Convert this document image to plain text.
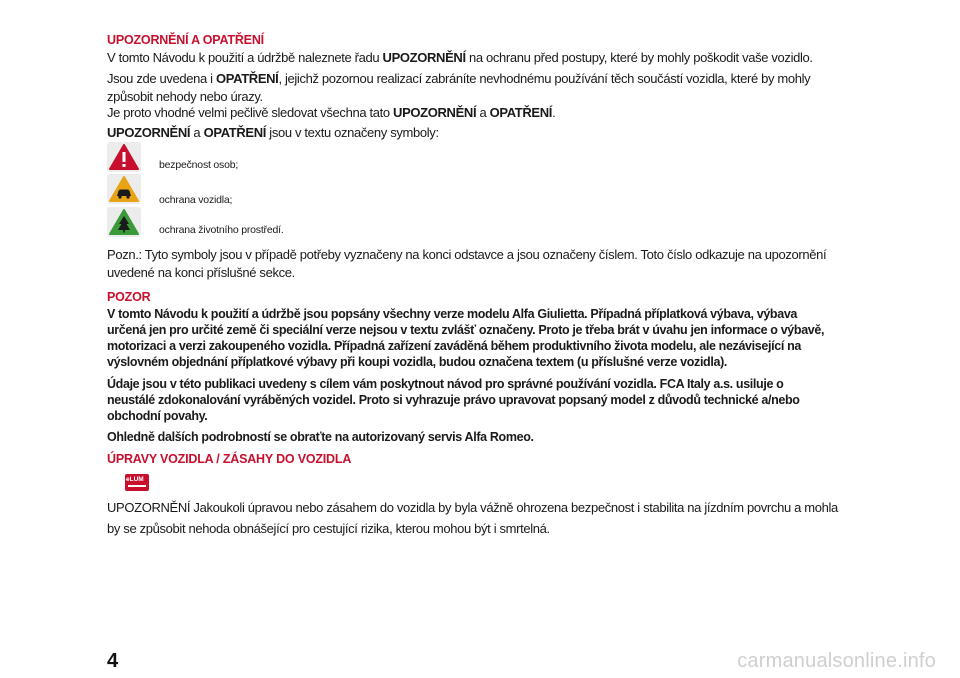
UPOZORNĚNÍ A OPATŘENÍ

V tomto Návodu k použití a údržbě naleznete řadu UPOZORNĚNÍ na ochranu před postupy, které by mohly poškodit vaše vozidlo.

Jsou zde uvedena i OPATŘENÍ, jejichž pozornou realizací zabráníte nevhodnému používání těch součástí vozidla, které by mohly
způsobit nehody nebo úrazy.

Je proto vhodné velmi pečlivě sledovat všechna tato UPOZORNĚNÍ a OPATŘENÍ.

UPOZORNĚNÍ a OPATŘENÍ jsou v textu označeny symboly:

bezpečnost osob;
ochrana vozidla;
ochrana životního prostředí.

Pozn.: Tyto symboly jsou v případě potřeby vyznačeny na konci odstavce a jsou označeny číslem. Toto číslo odkazuje na upozornění
uvedené na konci příslušné sekce.

POZOR

V tomto Návodu k použití a údržbě jsou popsány všechny verze modelu Alfa Giulietta. Případná příplatková výbava, výbava
určená jen pro určité země či speciální verze nejsou v textu zvlášť označeny. Proto je třeba brát v úvahu jen informace o výbavě,
motorizaci a verzi zakoupeného vozidla. Případná zařízení zaváděná během produktivního života modelu, ale nezávisející na
výslovném objednání příplatkové výbavy při koupi vozidla, budou označena textem (u příslušné verze vozidla).

Údaje jsou v této publikaci uvedeny s cílem vám poskytnout návod pro správné používání vozidla. FCA Italy a.s. usiluje o
neustálé zdokonalování vyráběných vozidel. Proto si vyhrazuje právo upravovat popsaný model z důvodů technické a/nebo
obchodní povahy.

Ohledně dalších podrobností se obraťte na autorizovaný servis Alfa Romeo.

ÚPRAVY VOZIDLA / ZÁSAHY DO VOZIDLA
eLUM

UPOZORNĚNÍ Jakoukoli úpravou nebo zásahem do vozidla by byla vážně ohrozena bezpečnost i stabilita na jízdním povrchu a mohla
by se způsobit nehoda obnášející pro cestující rizika, kterou mohou být i smrtelná.

4	carmanualsonline.info
